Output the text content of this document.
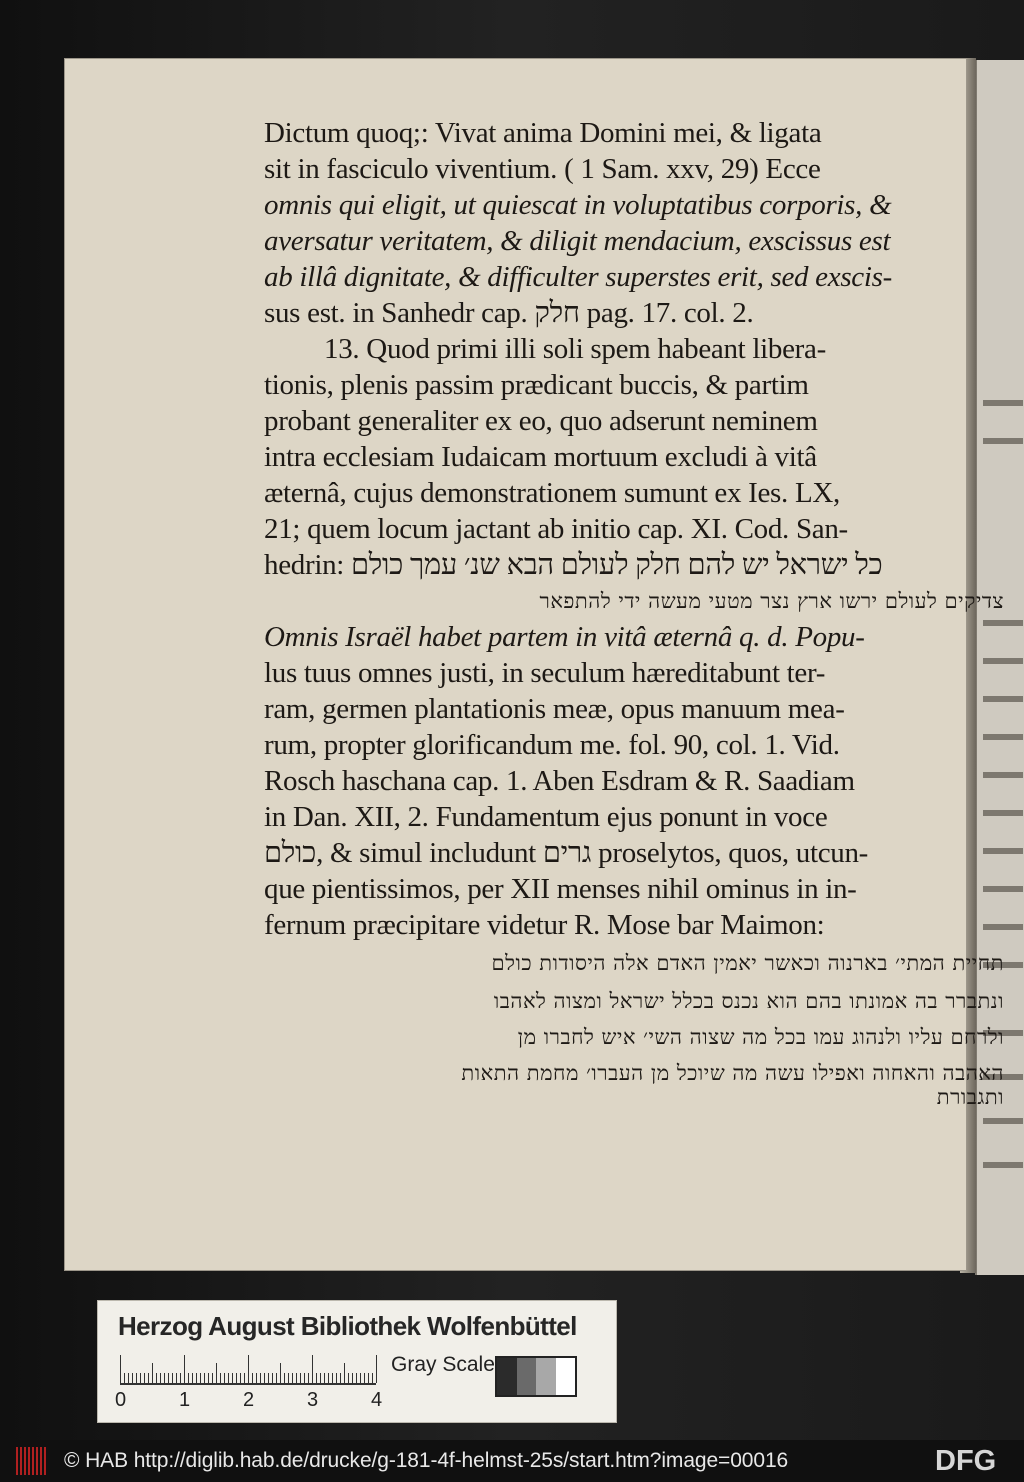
Dictum quoq;: Vivat anima Domini mei, & ligata
sit in fasciculo viventium. ( 1 Sam. xxv, 29) Ecce
omnis qui eligit, ut quiescat in voluptatibus corporis, &
aversatur veritatem, & diligit mendacium, exscissus est
ab illâ dignitate, & difficulter superstes erit, sed exscis-
sus est. in Sanhedr cap. חלק pag. 17. col. 2.
13. Quod primi illi soli spem habeant libera-
tionis, plenis passim prædicant buccis, & partim
probant generaliter ex eo, quo adserunt neminem
intra ecclesiam Iudaicam mortuum excludi à vitâ
æternâ, cujus demonstrationem sumunt ex Ies. LX,
21; quem locum jactant ab initio cap. XI. Cod. San-
hedrin: כל ישראל יש להם חלק לעולם הבא שנ׳ עמך כולם
צדיקים לעולם ירשו ארץ נצר מטעי מעשה ידי להתפאר
Omnis Israël habet partem in vitâ æternâ q. d. Popu-
lus tuus omnes justi, in seculum hæreditabunt ter-
ram, germen plantationis meæ, opus manuum mea-
rum, propter glorificandum me. fol. 90, col. 1. Vid.
Rosch haschana cap. 1. Aben Esdram & R. Saadiam
in Dan. XII, 2. Fundamentum ejus ponunt in voce
כולם, & simul includunt גרים proselytos, quos, utcun-
que pientissimos, per XII menses nihil ominus in in-
fernum præcipitare videtur R. Mose bar Maimon:
תחיית המתי׳ בארנוה וכאשר יאמין האדם אלה היסודות כולם
ונתברר בה אמונתו בהם הוא נכנס בכלל ישראל ומצוה לאהבו
ולרחם עליו ולנהוג עמו בכל מה שצוה השי׳ איש לחברו מן
האהבה והאחוה ואפילו עשה מה שיוכל מן העברו׳ מחמת התאות
ותגבורת
Herzog August Bibliothek Wolfenbüttel
0	1	2	3	4
Gray Scale
© HAB http://diglib.hab.de/drucke/g-181-4f-helmst-25s/start.htm?image=00016	DFG
